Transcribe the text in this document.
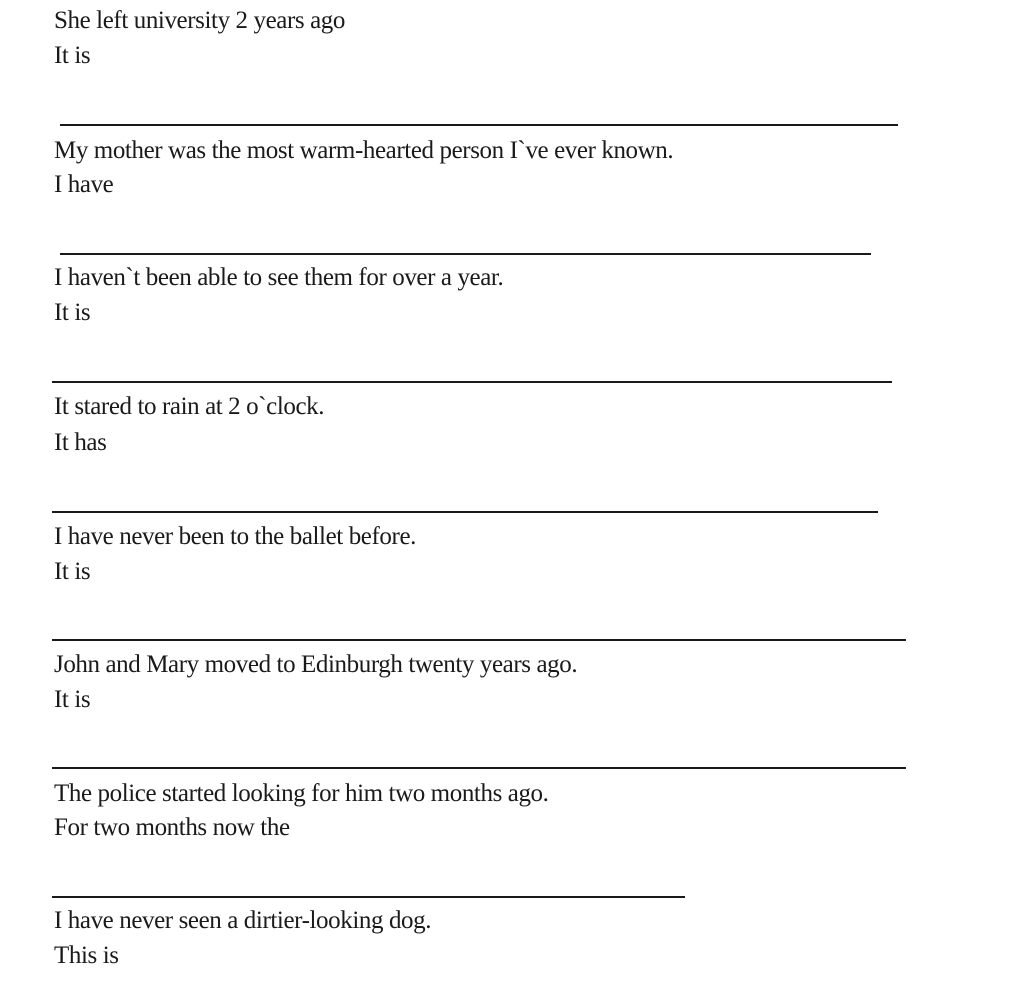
She left university 2 years ago
It is
My mother was the most warm-hearted person I`ve ever known.
I have
I haven`t been able to see them for over a year.
It is
It stared to rain at 2 o`clock.
It has
I have never been to the ballet before.
It is
John and Mary moved to Edinburgh twenty years ago.
It is
The police started looking for him two months ago.
For two months now the
I have never seen a dirtier-looking dog.
This is
